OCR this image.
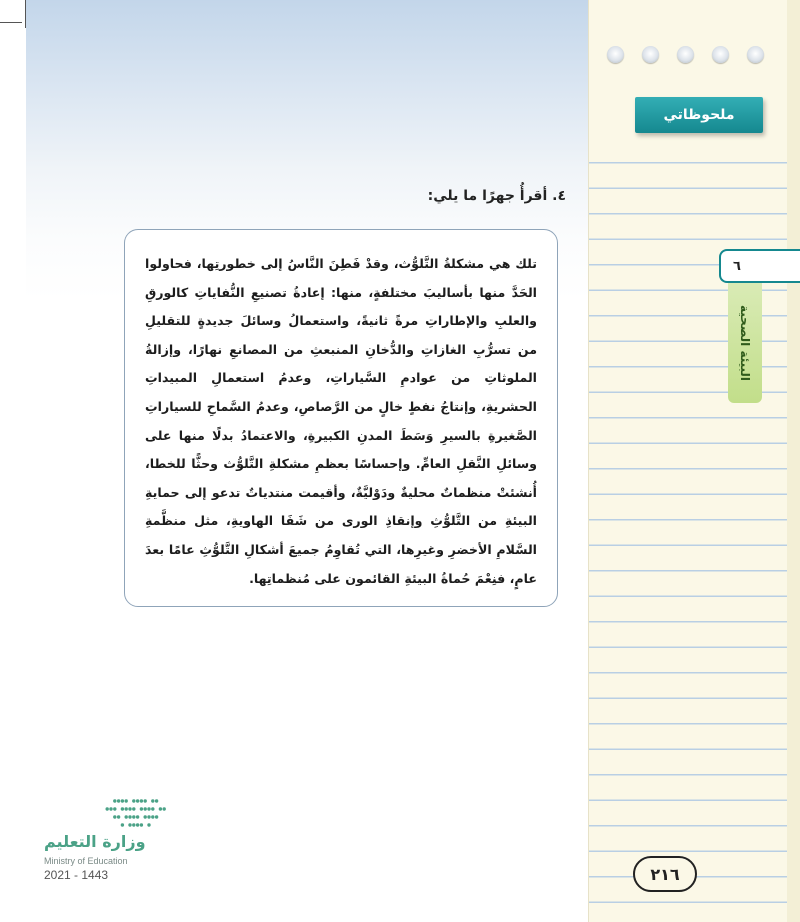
ملحوظاتي
٦
البيئة الصحية
٢١٦
٤. أقرأُ جهرًا ما يلي:

تلك هي مشكلةُ التَّلوُّث، وقدْ فَطِنَ النَّاسُ إلى خطورتِها، فحاولوا الحَدَّ منها بأساليبَ مختلفةٍ، منها: إعادةُ تصنيعِ النُّفاياتِ كالورقِ والعلبِ والإطاراتِ مرةً ثانيةً، واستعمالُ وسائلَ جديدةٍ للتقليلِ من تسرُّبِ الغازاتِ والدُّخانِ المنبعثِ من المصانعِ نهارًا، وإزالةُ الملوثاتِ من عوادمِ السَّياراتِ، وعدمُ استعمالِ المبيداتِ الحشريةِ، وإنتاجُ نفطٍ خالٍ من الرَّصاصِ، وعدمُ السَّماحِ للسياراتِ الصَّغيرةِ بالسيرِ وَسَطَ المدنِ الكبيرةِ، والاعتمادُ بدلًا منها على وسائلِ النَّقلِ العامِّ. وإحساسًا بعظمِ مشكلةِ التَّلوُّث وحثًّا للخطا، أُنشئتْ منظماتٌ محليةٌ ودَوْليَّةٌ، وأقيمت منتدياتٌ تدعو إلى حمايةِ البيئةِ من التَّلوُّثِ وإنقاذِ الورى من شَفَا الهاويةِ، مثل منظَّمةِ السَّلامِ الأخضرِ وغيرِها، التي تُقاوِمُ جميعَ أشكالِ التَّلوُّثِ عامًا بعدَ عامٍ، فنِعْمَ حُماةُ البيئةِ القائمون على مُنظماتِها.

وزارة التعليم
Ministry of Education
2021 - 1443
